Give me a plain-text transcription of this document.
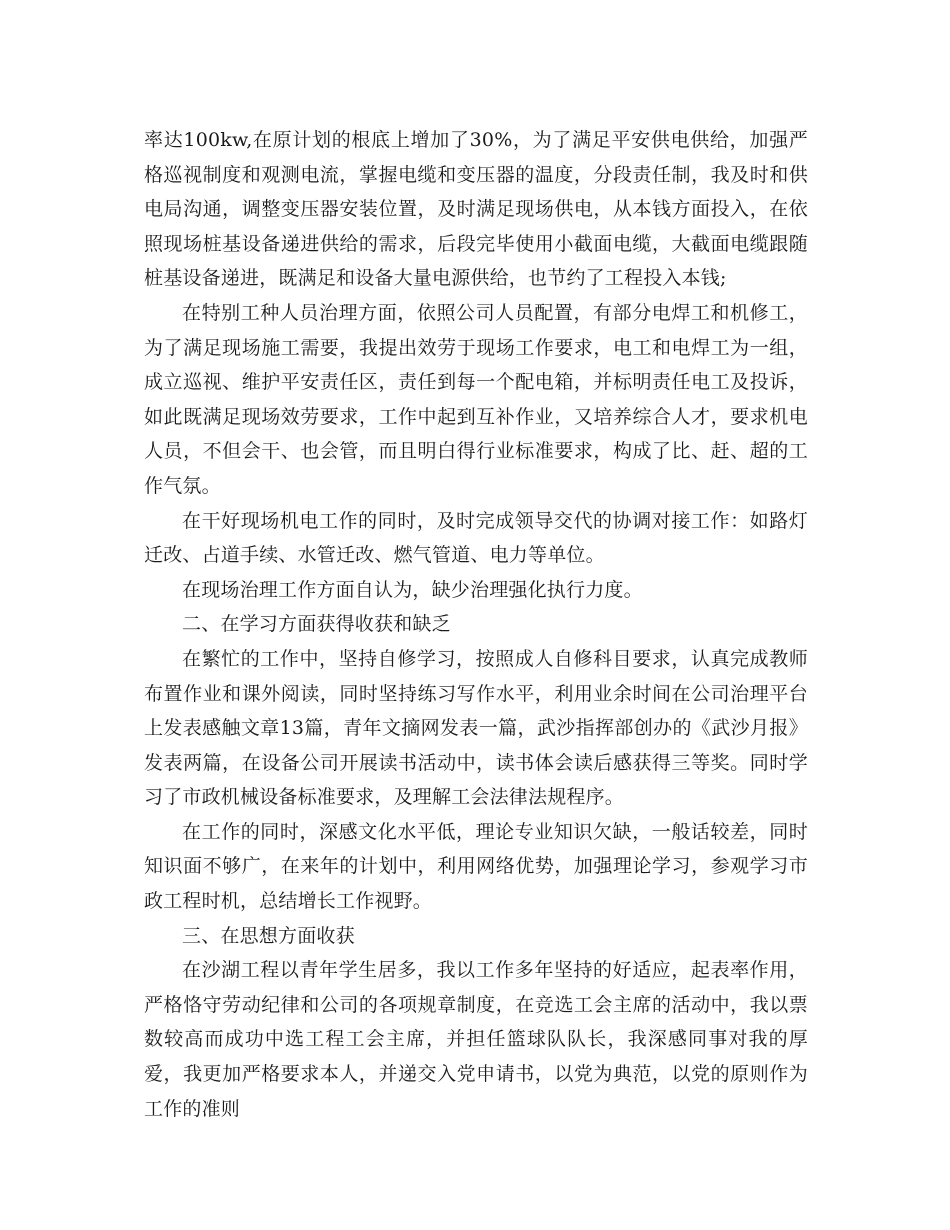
率达100kw,在原计划的根底上增加了30%，为了满足平安供电供给，加强严格巡视制度和观测电流，掌握电缆和变压器的温度，分段责任制，我及时和供电局沟通，调整变压器安装位置，及时满足现场供电，从本钱方面投入，在依照现场桩基设备递进供给的需求，后段完毕使用小截面电缆，大截面电缆跟随桩基设备递进，既满足和设备大量电源供给，也节约了工程投入本钱;

在特别工种人员治理方面，依照公司人员配置，有部分电焊工和机修工，为了满足现场施工需要，我提出效劳于现场工作要求，电工和电焊工为一组，成立巡视、维护平安责任区，责任到每一个配电箱，并标明责任电工及投诉，如此既满足现场效劳要求，工作中起到互补作业，又培养综合人才，要求机电人员，不但会干、也会管，而且明白得行业标准要求，构成了比、赶、超的工作气氛。

在干好现场机电工作的同时，及时完成领导交代的协调对接工作：如路灯迁改、占道手续、水管迁改、燃气管道、电力等单位。

在现场治理工作方面自认为，缺少治理强化执行力度。

二、在学习方面获得收获和缺乏

在繁忙的工作中，坚持自修学习，按照成人自修科目要求，认真完成教师布置作业和课外阅读，同时坚持练习写作水平，利用业余时间在公司治理平台上发表感触文章13篇，青年文摘网发表一篇，武沙指挥部创办的《武沙月报》发表两篇，在设备公司开展读书活动中，读书体会读后感获得三等奖。同时学习了市政机械设备标准要求，及理解工会法律法规程序。

在工作的同时，深感文化水平低，理论专业知识欠缺，一般话较差，同时知识面不够广，在来年的计划中，利用网络优势，加强理论学习，参观学习市政工程时机，总结增长工作视野。

三、在思想方面收获

在沙湖工程以青年学生居多，我以工作多年坚持的好适应，起表率作用，严格恪守劳动纪律和公司的各项规章制度，在竞选工会主席的活动中，我以票数较高而成功中选工程工会主席，并担任篮球队队长，我深感同事对我的厚爱，我更加严格要求本人，并递交入党申请书，以党为典范，以党的原则作为工作的准则
